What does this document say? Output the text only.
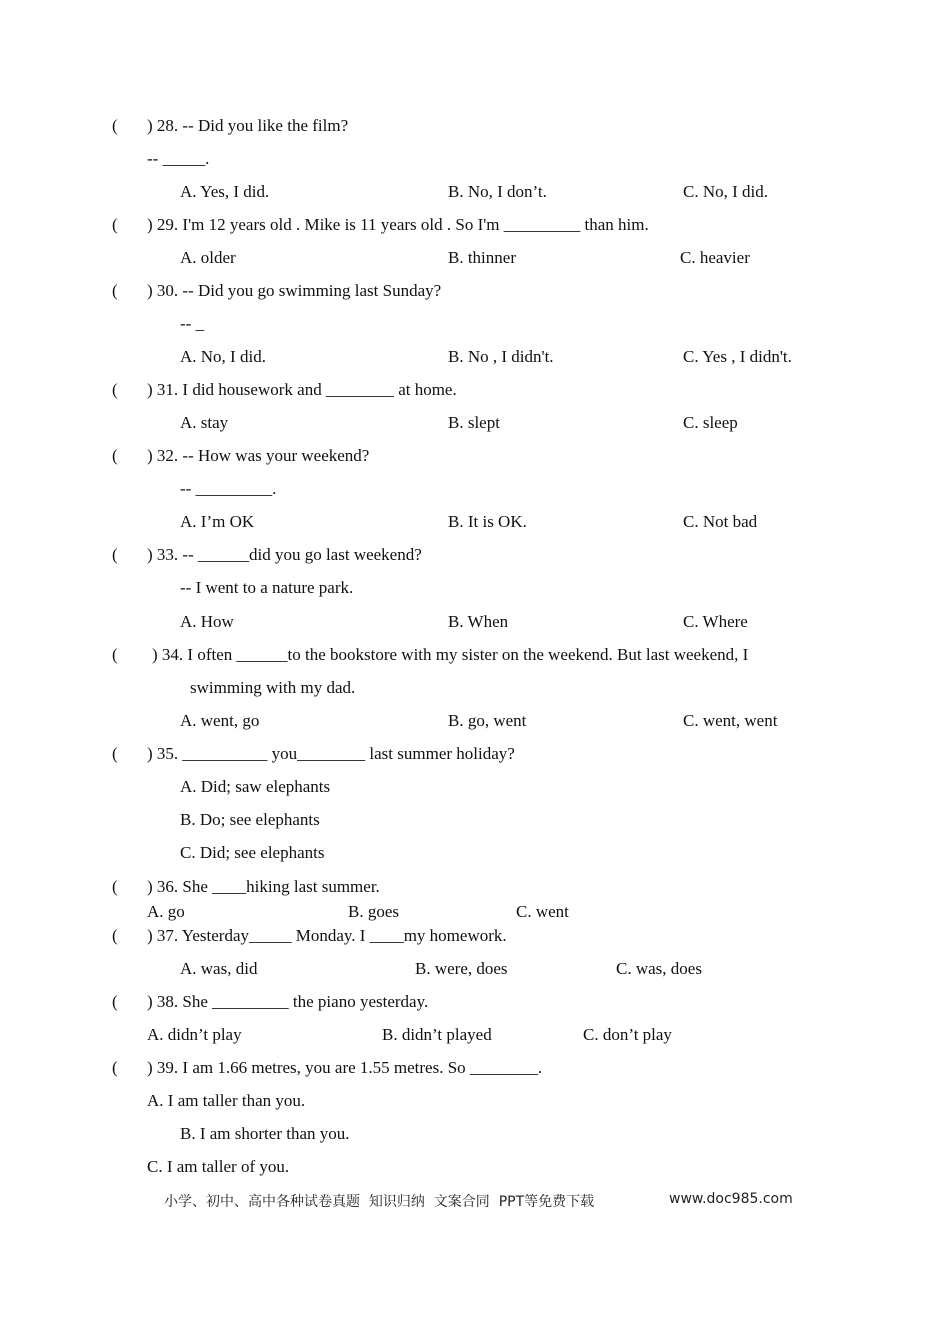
( ) 28. -- Did you like the film?
-- _____.
A. Yes, I did.	B. No, I don’t.	C. No, I did.
( ) 29. I'm 12 years old . Mike is 11 years old . So I'm _________ than him.
A. older	B. thinner	C. heavier
( ) 30. -- Did you go swimming last Sunday?
-- _
A. No, I did.	B. No , I didn't.	C. Yes , I didn't.
( ) 31. I did housework and ________ at home.
A. stay	B. slept	C. sleep
( ) 32. -- How was your weekend?
-- _________.
A. I’m OK	B. It is OK.	C. Not bad
( ) 33. -- ______did you go last weekend?
-- I went to a nature park.
A. How	B. When	C. Where
( ) 34. I often ______to the bookstore with my sister on the weekend. But last weekend, I
swimming with my dad.
A. went, go	B. go, went	C. went, went
( ) 35. __________ you________ last summer holiday?
A. Did; saw elephants
B. Do; see elephants
C. Did; see elephants
( ) 36. She ____hiking last summer.
A. go	B. goes	C. went
( ) 37. Yesterday_____ Monday. I ____my homework.
A. was, did	B. were, does	C. was, does
( ) 38. She _________ the piano yesterday.
A. didn’t play	B. didn’t played	C. don’t play
( ) 39. I am 1.66 metres, you are 1.55 metres. So ________.
A. I am taller than you.
B. I am shorter than you.
C. I am taller of you.
小学、初中、高中各种试卷真题  知识归纳  文案合同  PPT等免费下载	www.doc985.com
